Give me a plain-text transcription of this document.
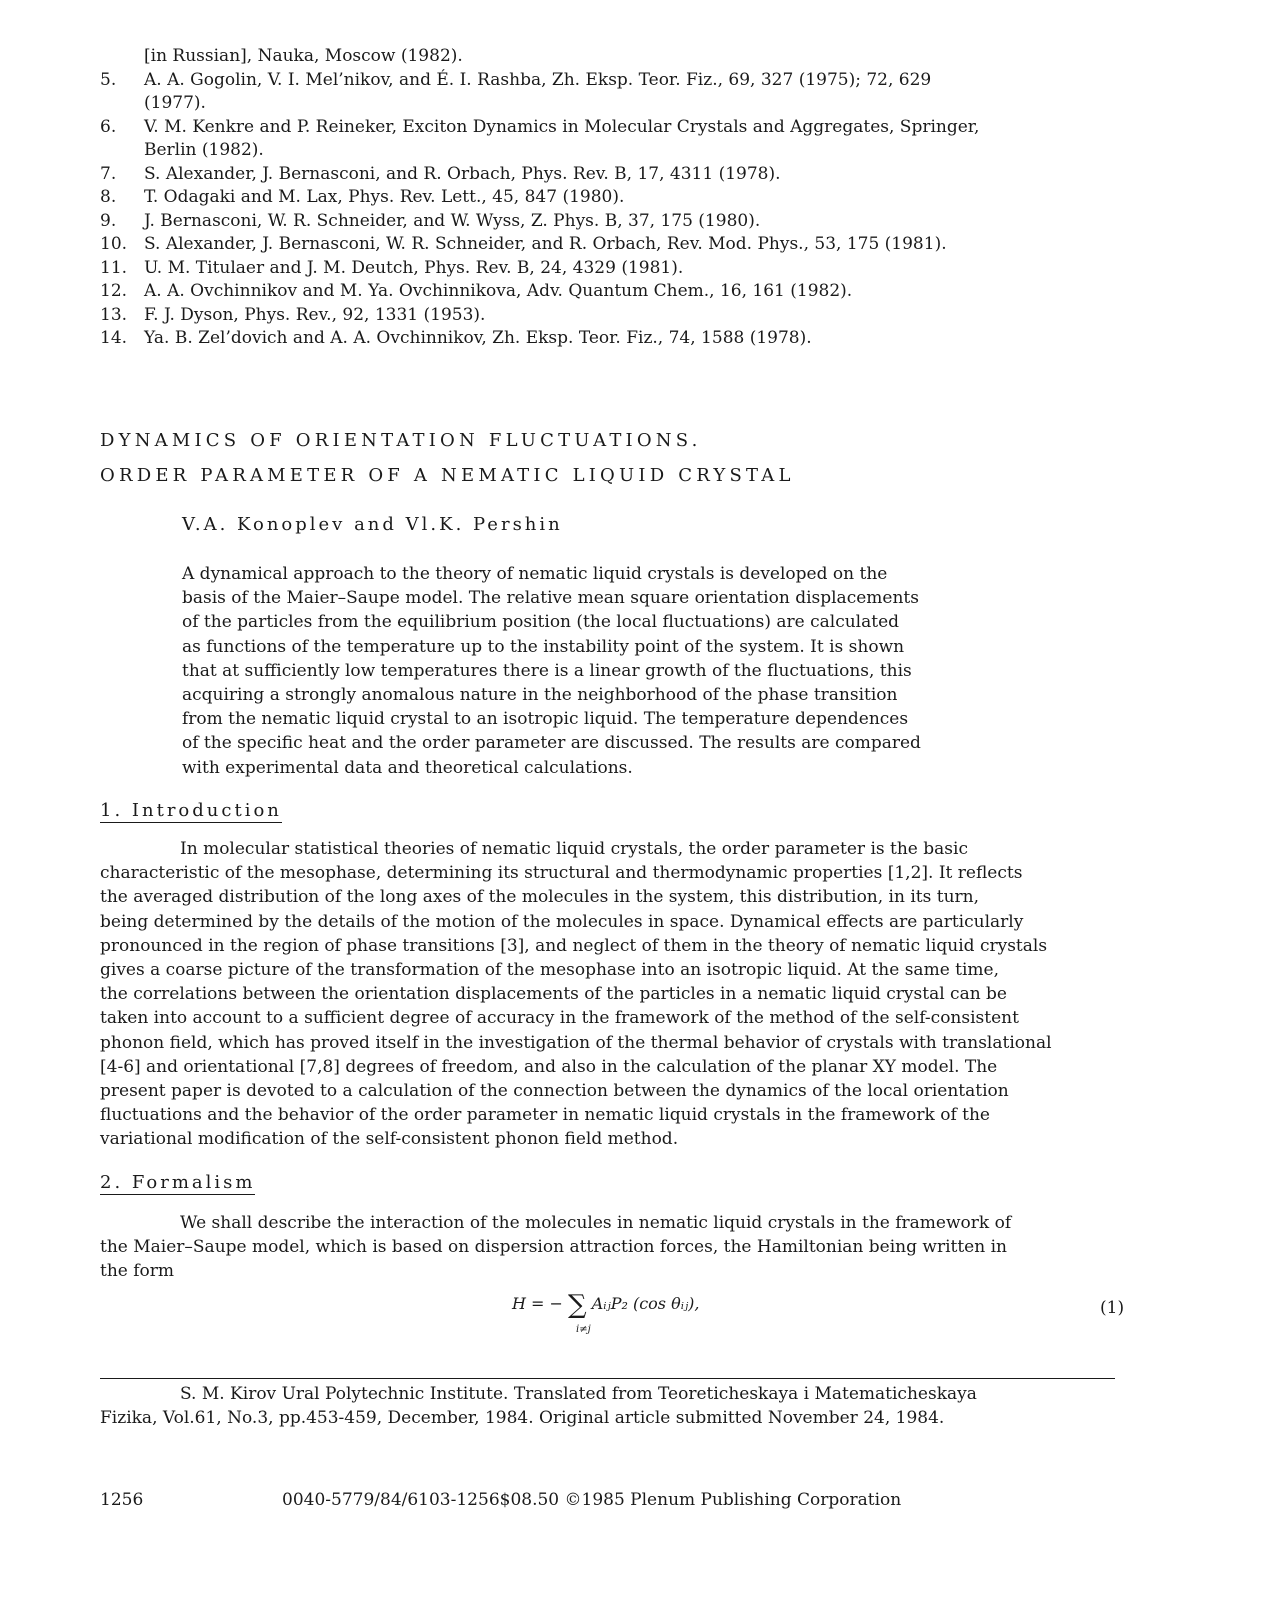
[in Russian], Nauka, Moscow (1982).
5.	A. A. Gogolin, V. I. Mel’nikov, and É. I. Rashba, Zh. Eksp. Teor. Fiz., 69, 327 (1975); 72, 629
(1977).
6.	V. M. Kenkre and P. Reineker, Exciton Dynamics in Molecular Crystals and Aggregates, Springer,
Berlin (1982).
7.	S. Alexander, J. Bernasconi, and R. Orbach, Phys. Rev. B, 17, 4311 (1978).
8.	T. Odagaki and M. Lax, Phys. Rev. Lett., 45, 847 (1980).
9.	J. Bernasconi, W. R. Schneider, and W. Wyss, Z. Phys. B, 37, 175 (1980).
10. S. Alexander, J. Bernasconi, W. R. Schneider, and R. Orbach, Rev. Mod. Phys., 53, 175 (1981).
11. U. M. Titulaer and J. M. Deutch, Phys. Rev. B, 24, 4329 (1981).
12. A. A. Ovchinnikov and M. Ya. Ovchinnikova, Adv. Quantum Chem., 16, 161 (1982).
13. F. J. Dyson, Phys. Rev., 92, 1331 (1953).
14. Ya. B. Zel’dovich and A. A. Ovchinnikov, Zh. Eksp. Teor. Fiz., 74, 1588 (1978).
DYNAMICS OF ORIENTATION FLUCTUATIONS.
ORDER PARAMETER OF A NEMATIC LIQUID CRYSTAL
V.A. Konoplev and Vl.K. Pershin
A dynamical approach to the theory of nematic liquid crystals is developed on the
basis of the Maier–Saupe model. The relative mean square orientation displacements
of the particles from the equilibrium position (the local fluctuations) are calculated
as functions of the temperature up to the instability point of the system. It is shown
that at sufficiently low temperatures there is a linear growth of the fluctuations, this
acquiring a strongly anomalous nature in the neighborhood of the phase transition
from the nematic liquid crystal to an isotropic liquid. The temperature dependences
of the specific heat and the order parameter are discussed. The results are compared
with experimental data and theoretical calculations.
1. Introduction
In molecular statistical theories of nematic liquid crystals, the order parameter is the basic
characteristic of the mesophase, determining its structural and thermodynamic properties [1,2]. It reflects
the averaged distribution of the long axes of the molecules in the system, this distribution, in its turn,
being determined by the details of the motion of the molecules in space. Dynamical effects are particularly
pronounced in the region of phase transitions [3], and neglect of them in the theory of nematic liquid crystals
gives a coarse picture of the transformation of the mesophase into an isotropic liquid. At the same time,
the correlations between the orientation displacements of the particles in a nematic liquid crystal can be
taken into account to a sufficient degree of accuracy in the framework of the method of the self-consistent
phonon field, which has proved itself in the investigation of the thermal behavior of crystals with translational
[4-6] and orientational [7,8] degrees of freedom, and also in the calculation of the planar XY model. The
present paper is devoted to a calculation of the connection between the dynamics of the local orientation
fluctuations and the behavior of the order parameter in nematic liquid crystals in the framework of the
variational modification of the self-consistent phonon field method.
2. Formalism
We shall describe the interaction of the molecules in nematic liquid crystals in the framework of
the Maier–Saupe model, which is based on dispersion attraction forces, the Hamiltonian being written in
the form
H = − ∑
i≠j
AᵢⱼP₂ (cos θᵢⱼ),	(1)
S. M. Kirov Ural Polytechnic Institute. Translated from Teoreticheskaya i Matematicheskaya
Fizika, Vol.61, No.3, pp.453-459, December, 1984. Original article submitted November 24, 1984.
1256	0040-5779/84/6103-1256$08.50 ©1985 Plenum Publishing Corporation
